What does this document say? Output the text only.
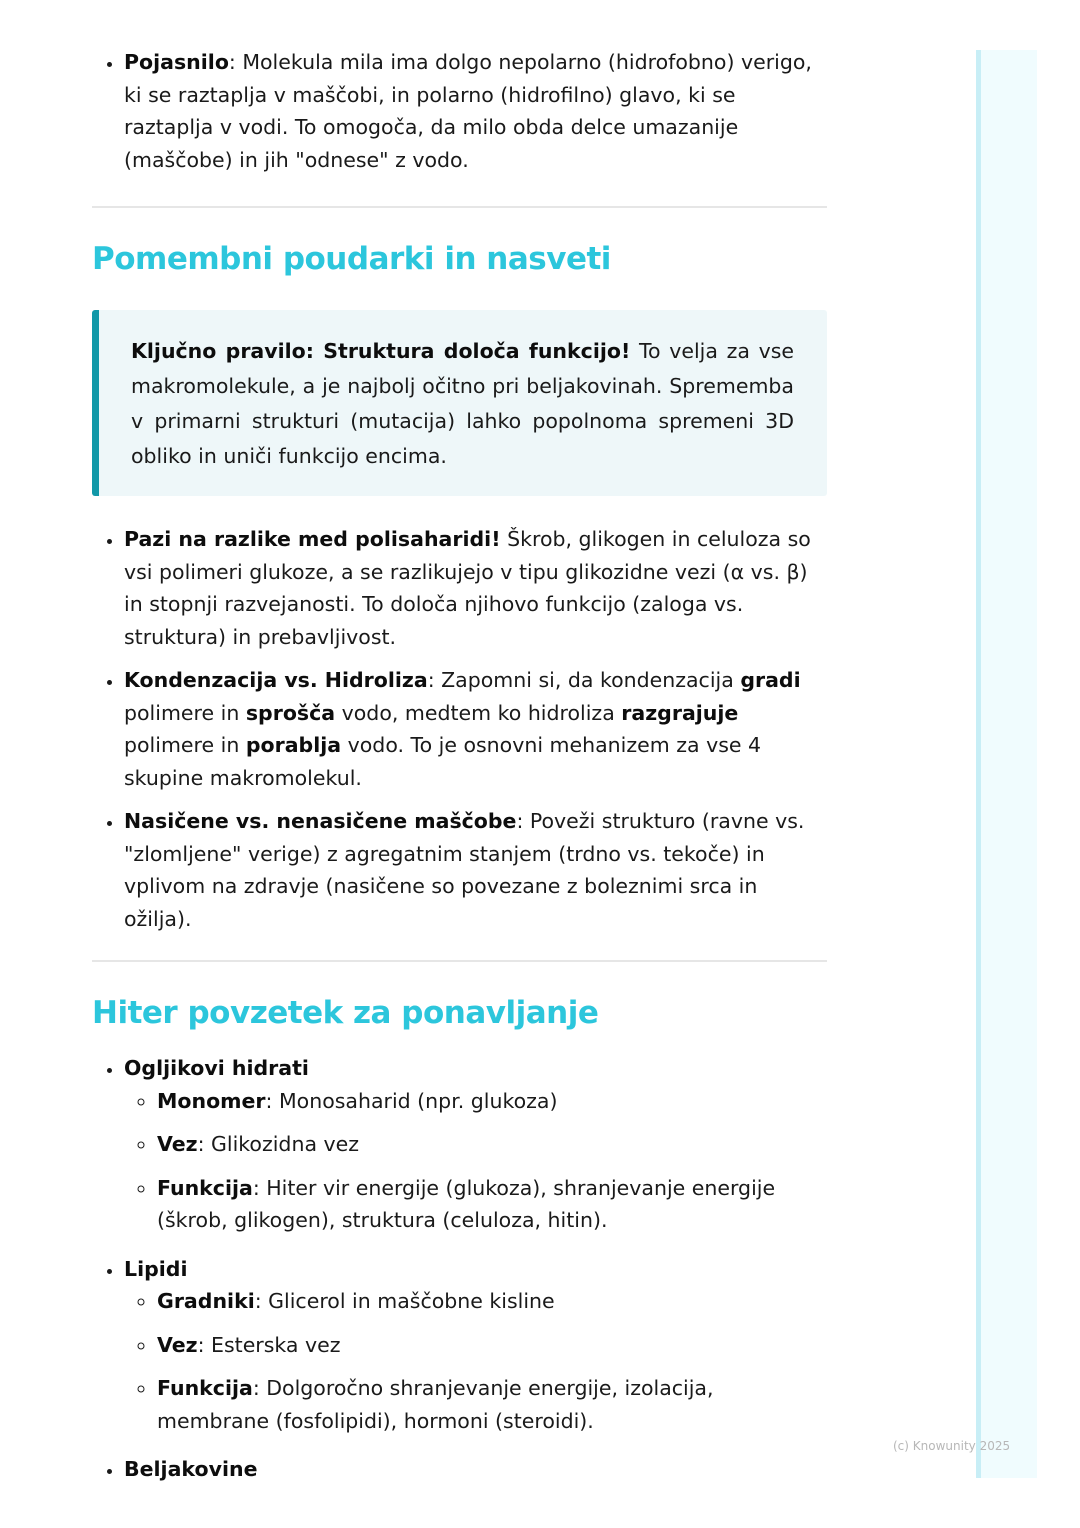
• Pojasnilo: Molekula mila ima dolgo nepolarno (hidrofobno) verigo, ki se raztaplja v maščobi, in polarno (hidrofilno) glavo, ki se raztaplja v vodi. To omogoča, da milo obda delce umazanije (maščobe) in jih "odnese" z vodo.
Pomembni poudarki in nasveti
Ključno pravilo: Struktura določa funkcijo! To velja za vse makromolekule, a je najbolj očitno pri beljakovinah. Sprememba v primarni strukturi (mutacija) lahko popolnoma spremeni 3D obliko in uniči funkcijo encima.
• Pazi na razlike med polisaharidi! Škrob, glikogen in celuloza so vsi polimeri glukoze, a se razlikujejo v tipu glikozidne vezi (α vs. β) in stopnji razvejanosti. To določa njihovo funkcijo (zaloga vs. struktura) in prebavljivost.
• Kondenzacija vs. Hidroliza: Zapomni si, da kondenzacija gradi polimere in sprošča vodo, medtem ko hidroliza razgrajuje polimere in porablja vodo. To je osnovni mehanizem za vse 4 skupine makromolekul.
• Nasičene vs. nenasičene maščobe: Poveži strukturo (ravne vs. "zlomljene" verige) z agregatnim stanjem (trdno vs. tekoče) in vplivom na zdravje (nasičene so povezane z boleznimi srca in ožilja).
Hiter povzetek za ponavljanje
• Ogljikovi hidrati
◦ Monomer: Monosaharid (npr. glukoza)
◦ Vez: Glikozidna vez
◦ Funkcija: Hiter vir energije (glukoza), shranjevanje energije (škrob, glikogen), struktura (celuloza, hitin).
• Lipidi
◦ Gradniki: Glicerol in maščobne kisline
◦ Vez: Esterska vez
◦ Funkcija: Dolgoročno shranjevanje energije, izolacija, membrane (fosfolipidi), hormoni (steroidi).
• Beljakovine
(c) Knowunity 2025
